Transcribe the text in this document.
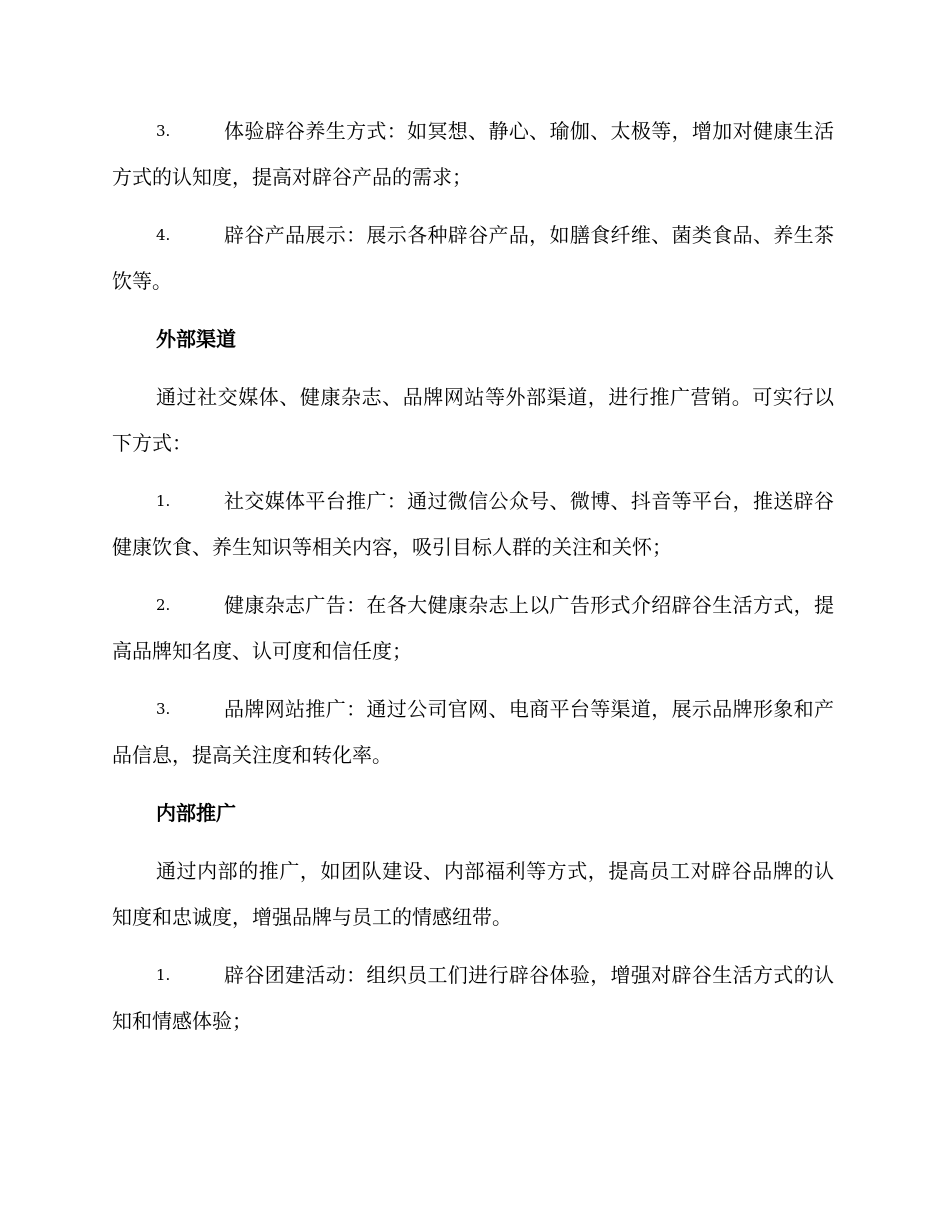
3.	体验辟谷养生方式：如冥想、静心、瑜伽、太极等，增加对健康生活方式的认知度，提高对辟谷产品的需求；

4.	辟谷产品展示：展示各种辟谷产品，如膳食纤维、菌类食品、养生茶饮等。

外部渠道

通过社交媒体、健康杂志、品牌网站等外部渠道，进行推广营销。可实行以下方式：

1.	社交媒体平台推广：通过微信公众号、微博、抖音等平台，推送辟谷健康饮食、养生知识等相关内容，吸引目标人群的关注和关怀；

2.	健康杂志广告：在各大健康杂志上以广告形式介绍辟谷生活方式，提高品牌知名度、认可度和信任度；

3.	品牌网站推广：通过公司官网、电商平台等渠道，展示品牌形象和产品信息，提高关注度和转化率。

内部推广

通过内部的推广，如团队建设、内部福利等方式，提高员工对辟谷品牌的认知度和忠诚度，增强品牌与员工的情感纽带。

1.	辟谷团建活动：组织员工们进行辟谷体验，增强对辟谷生活方式的认知和情感体验；
